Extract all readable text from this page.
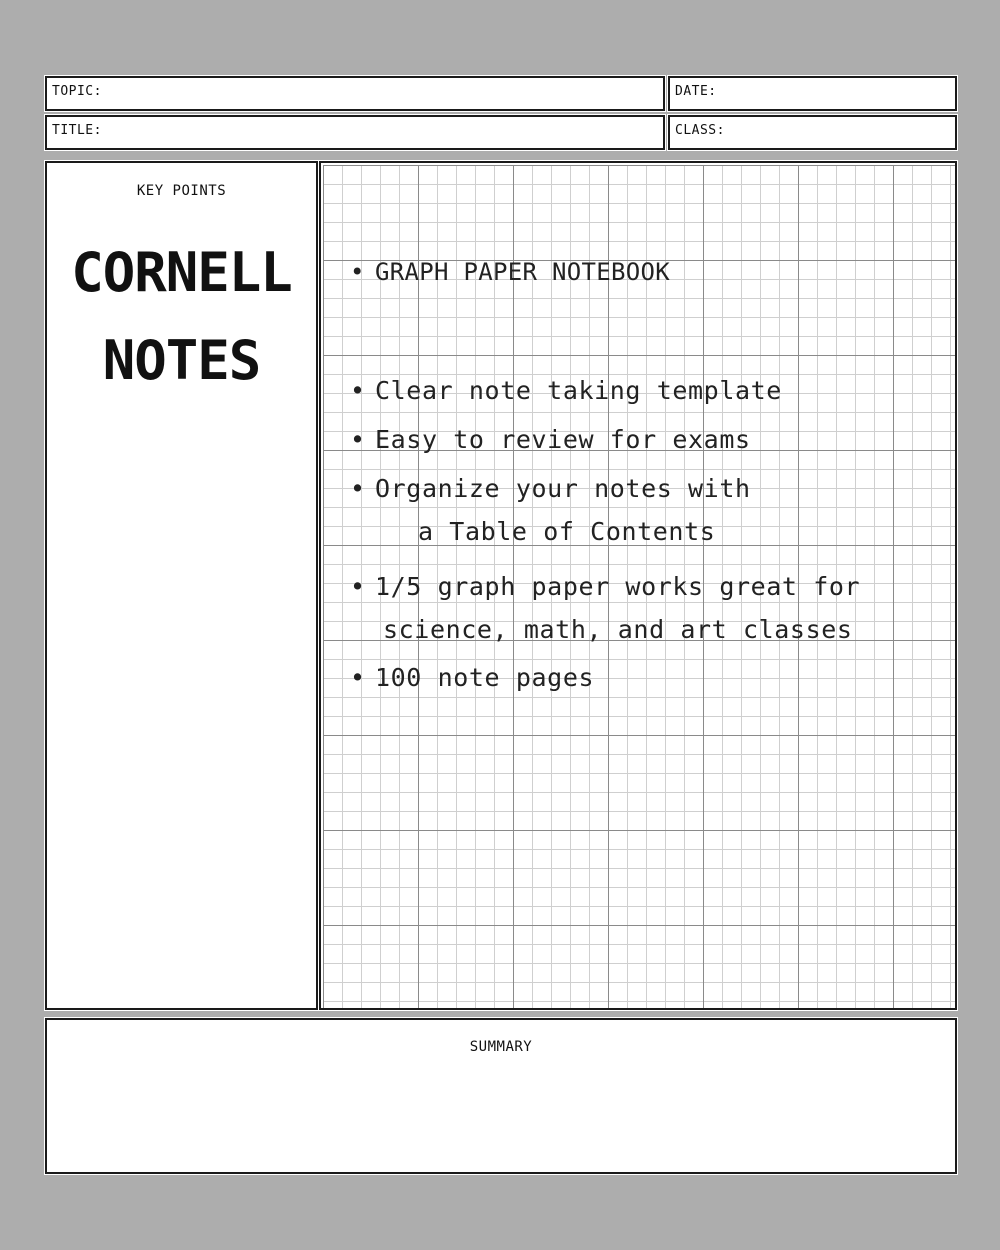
TOPIC:	DATE:
TITLE:	CLASS:
KEY POINTS
CORNELL
NOTES
• GRAPH PAPER NOTEBOOK
• Clear note taking template
• Easy to review for exams
• Organize your notes with
a Table of Contents
• 1/5 graph paper works great for
science, math, and art classes
• 100 note pages
SUMMARY
